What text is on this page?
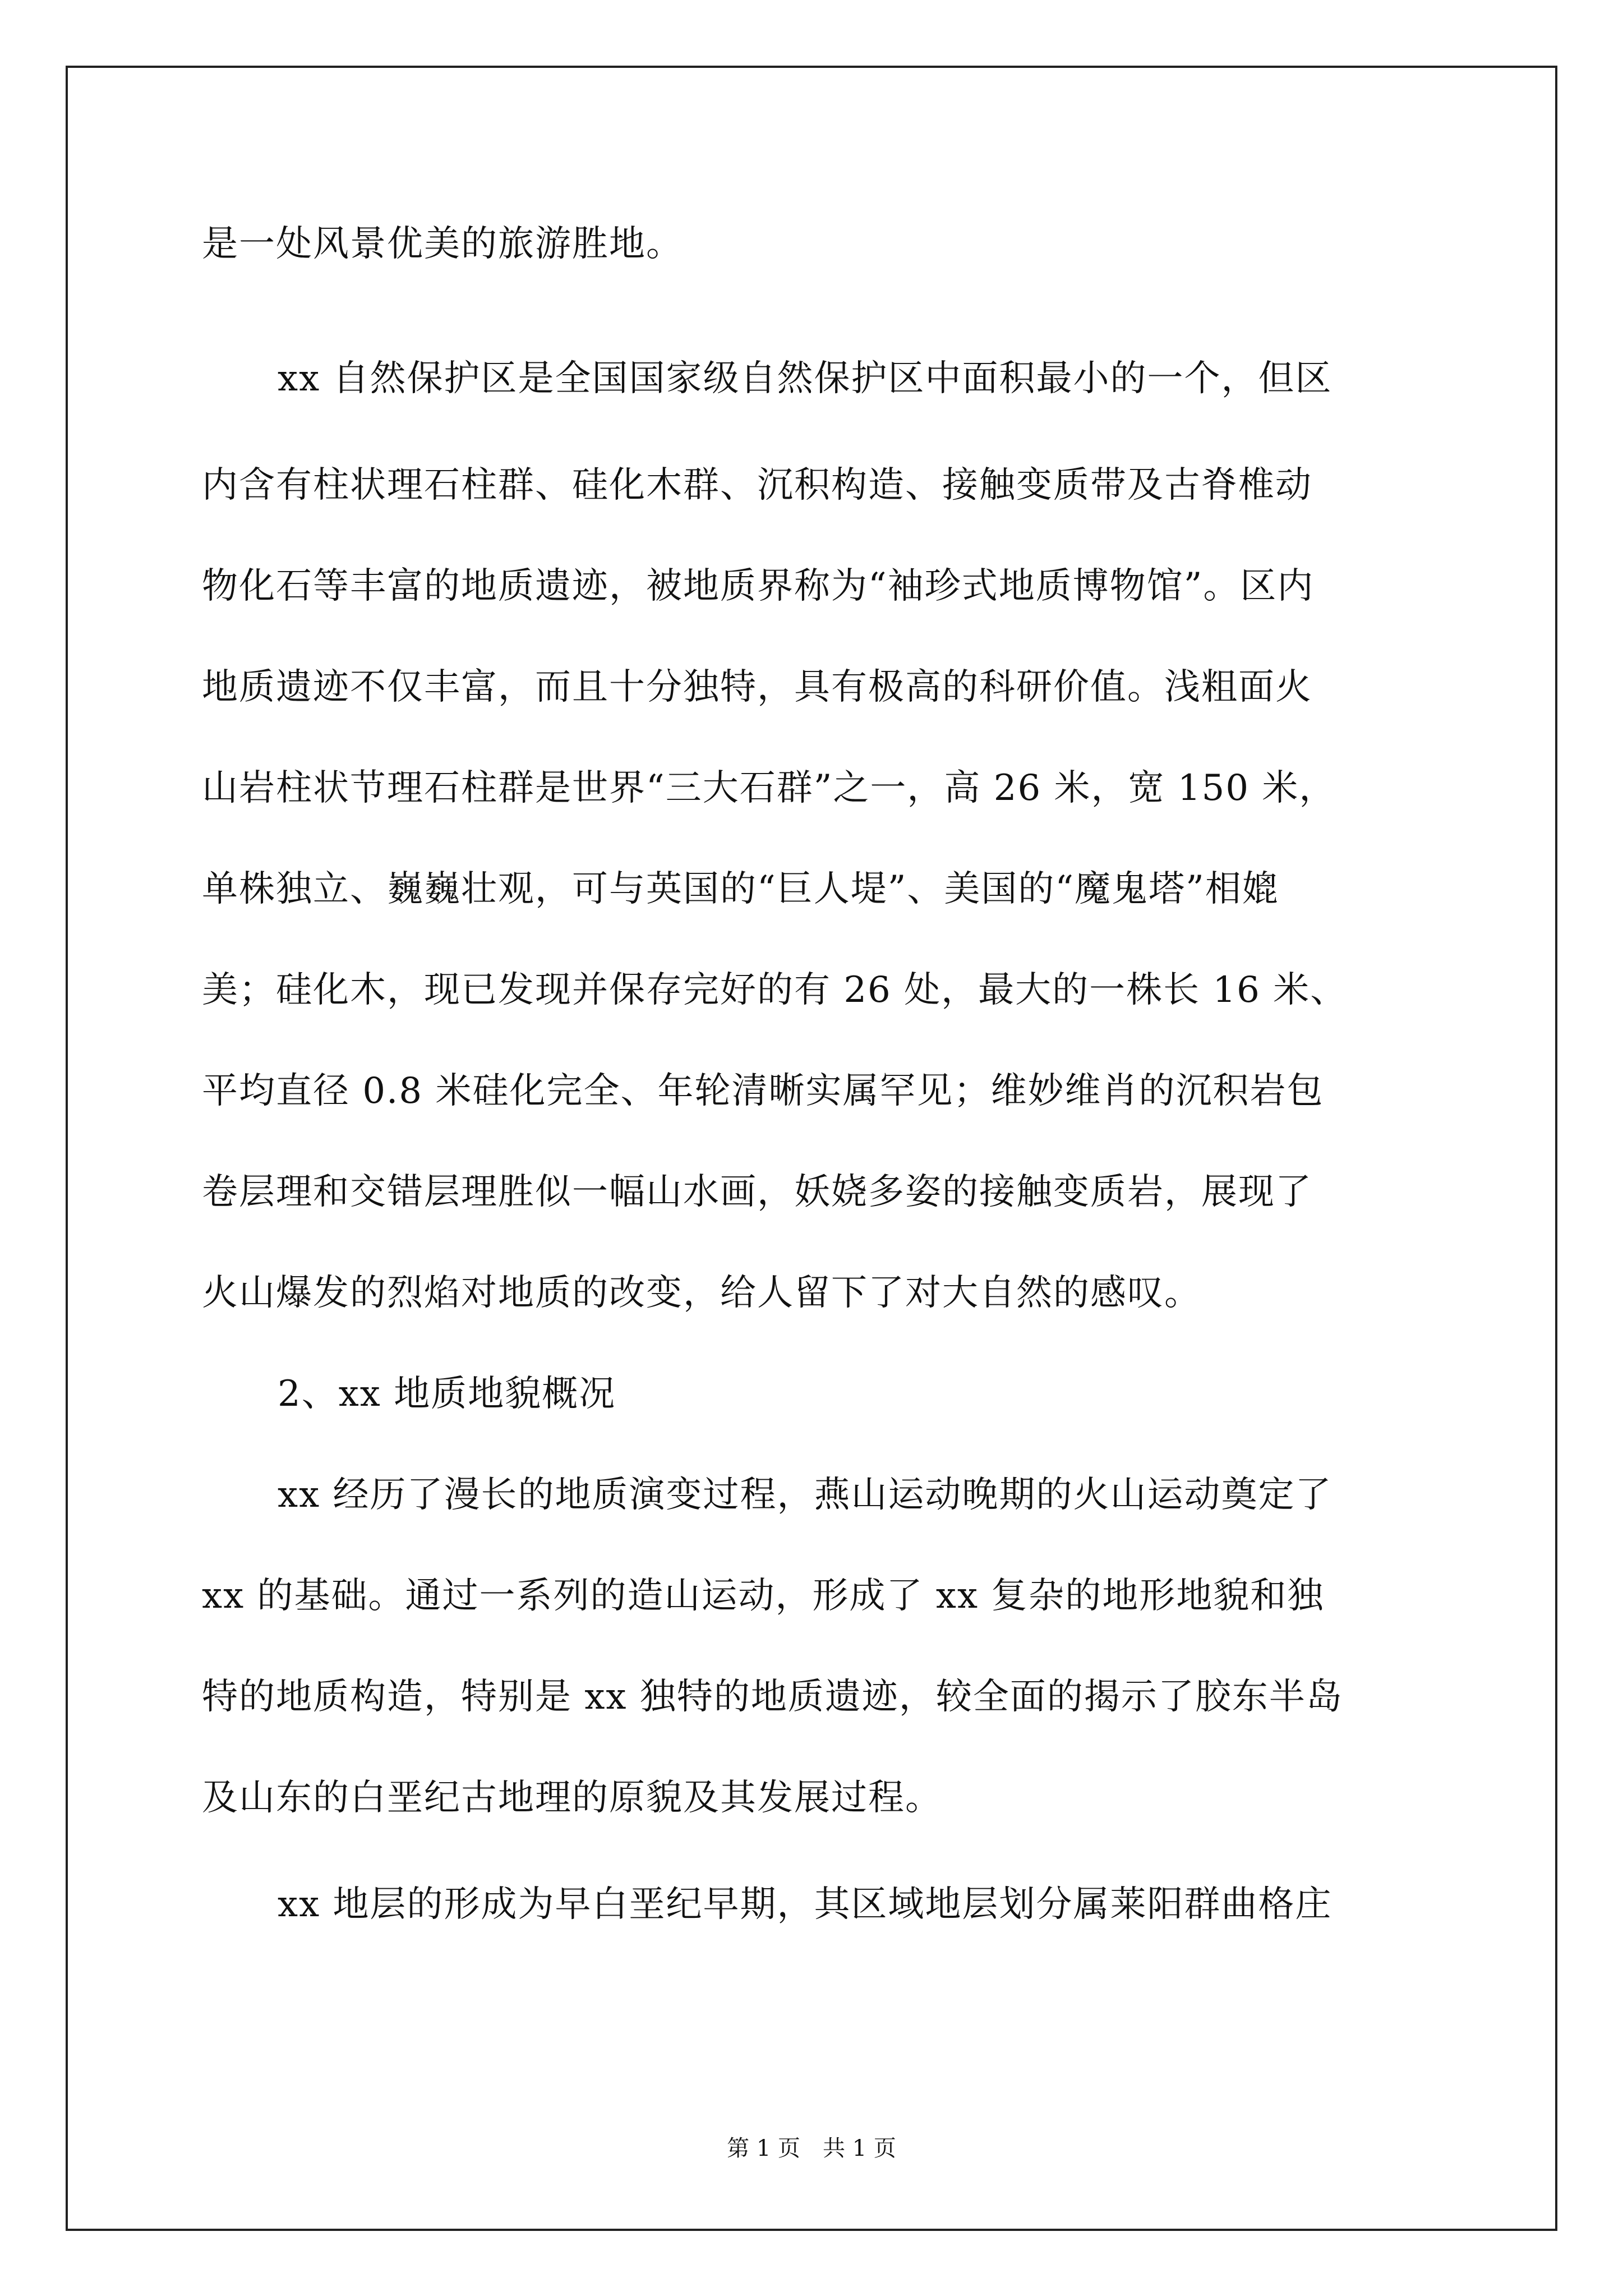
是一处风景优美的旅游胜地。
xx 自然保护区是全国国家级自然保护区中面积最小的一个，但区
内含有柱状理石柱群、硅化木群、沉积构造、接触变质带及古脊椎动
物化石等丰富的地质遗迹，被地质界称为“袖珍式地质博物馆”。区内
地质遗迹不仅丰富，而且十分独特，具有极高的科研价值。浅粗面火
山岩柱状节理石柱群是世界“三大石群”之一，高 26 米，宽 150 米，
单株独立、巍巍壮观，可与英国的“巨人堤”、美国的“魔鬼塔”相媲
美；硅化木，现已发现并保存完好的有 26 处，最大的一株长 16 米、
平均直径 0.8 米硅化完全、年轮清晰实属罕见；维妙维肖的沉积岩包
卷层理和交错层理胜似一幅山水画，妖娆多姿的接触变质岩，展现了
火山爆发的烈焰对地质的改变，给人留下了对大自然的感叹。
2、xx 地质地貌概况
xx 经历了漫长的地质演变过程，燕山运动晚期的火山运动奠定了
xx 的基础。通过一系列的造山运动，形成了 xx 复杂的地形地貌和独
特的地质构造，特别是 xx 独特的地质遗迹，较全面的揭示了胶东半岛
及山东的白垩纪古地理的原貌及其发展过程。
xx 地层的形成为早白垩纪早期，其区域地层划分属莱阳群曲格庄
第 1 页　共 1 页
